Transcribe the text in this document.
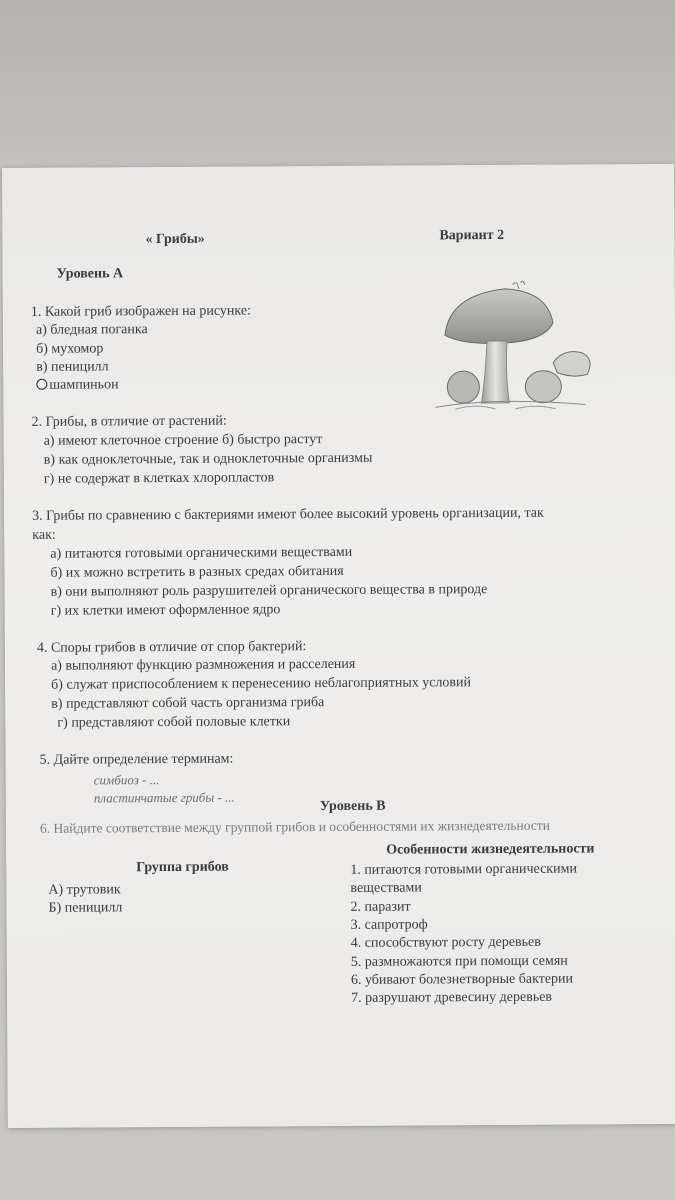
« Грибы»	Вариант 2
Уровень А
1. Какой гриб изображен на рисунке:
а) бледная поганка
б) мухомор
в) пеницилл
шампиньон
2. Грибы, в отличие от растений:
а) имеют клеточное строение б) быстро растут
в) как одноклеточные, так и одноклеточные организмы
г) не содержат в клетках хлоропластов
3. Грибы по сравнению с бактериями имеют более высокий уровень организации, так
как:
а) питаются готовыми органическими веществами
б) их можно встретить в разных средах обитания
в) они выполняют роль разрушителей органического вещества в природе
г) их клетки имеют оформленное ядро
4. Споры грибов в отличие от спор бактерий:
а) выполняют функцию размножения и расселения
б) служат приспособлением к перенесению неблагоприятных условий
в) представляют собой часть организма гриба
г) представляют собой половые клетки
5. Дайте определение терминам:
симбиоз - ...
пластинчатые грибы - ...
Уровень В
6. Найдите соответствие между группой грибов и особенностями их жизнедеятельности
Группа грибов
А) трутовик
Б) пеницилл
Особенности жизнедеятельности
1. питаются готовыми органическими
веществами
2. паразит
3. сапротроф
4. способствуют росту деревьев
5. размножаются при помощи семян
6. убивают болезнетворные бактерии
7. разрушают древесину деревьев
